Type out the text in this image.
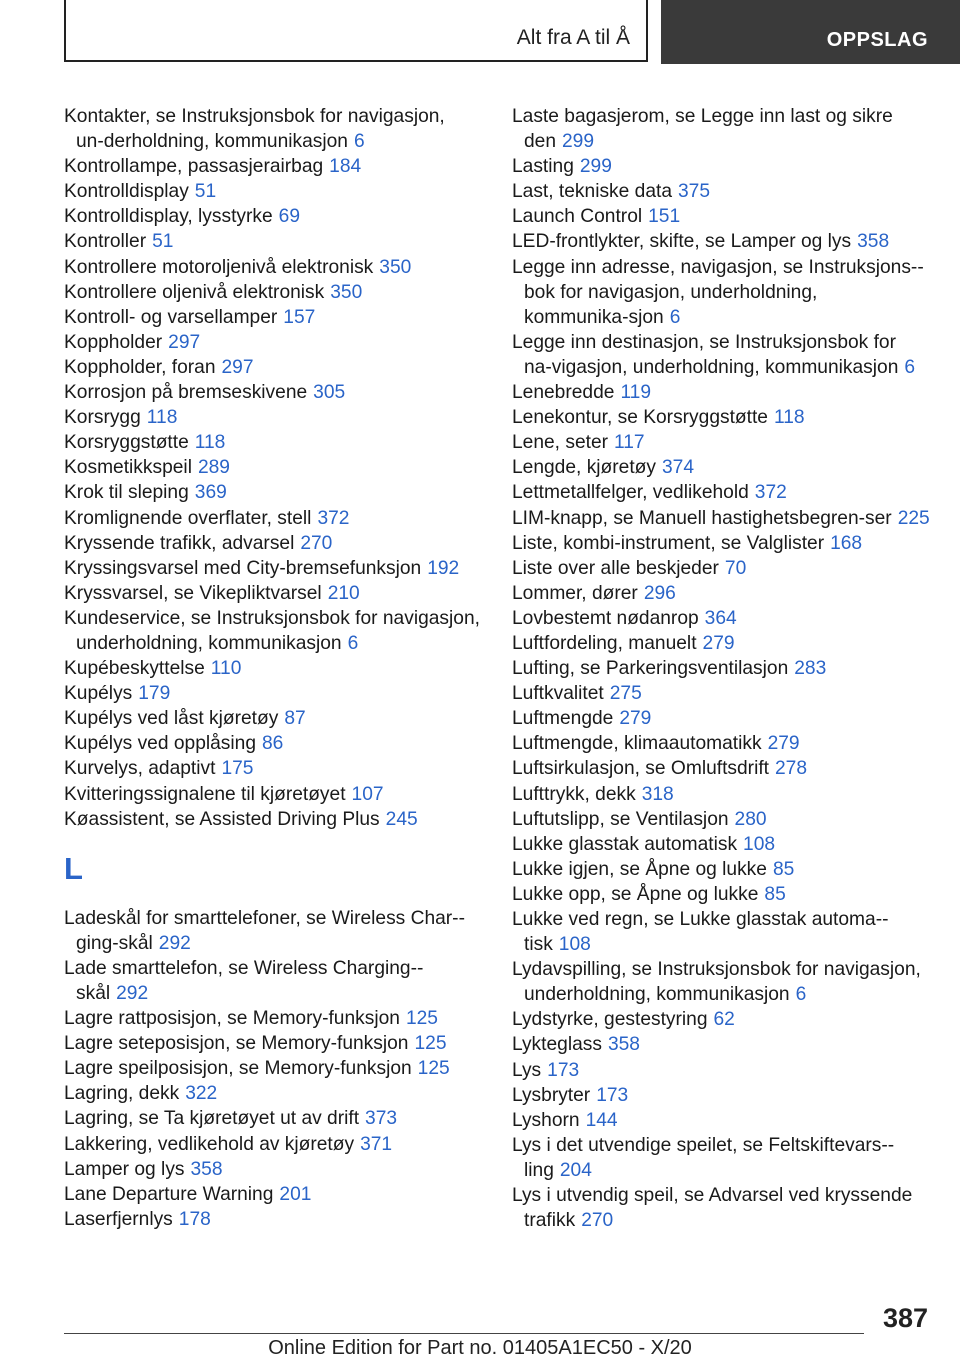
Alt fra A til Å	OPPSLAG
Kontakter, se Instruksjonsbok for navigasjon, un-derholdning, kommunikasjon 6
Kontrollampe, passasjerairbag 184
Kontrolldisplay 51
Kontrolldisplay, lysstyrke 69
Kontroller 51
Kontrollere motoroljenivå elektronisk 350
Kontrollere oljenivå elektronisk 350
Kontroll- og varsellamper 157
Koppholder 297
Koppholder, foran 297
Korrosjon på bremseskivene 305
Korsrygg 118
Korsryggstøtte 118
Kosmetikkspeil 289
Krok til sleping 369
Kromlignende overflater, stell 372
Kryssende trafikk, advarsel 270
Kryssingsvarsel med City-bremsefunksjon 192
Kryssvarsel, se Vikepliktvarsel 210
Kundeservice, se Instruksjonsbok for navigasjon, underholdning, kommunikasjon 6
Kupébeskyttelse 110
Kupélys 179
Kupélys ved låst kjøretøy 87
Kupélys ved opplåsing 86
Kurvelys, adaptivt 175
Kvitteringssignalene til kjøretøyet 107
Køassistent, se Assisted Driving Plus 245
L
Ladeskål for smarttelefoner, se Wireless Char-ging-skål 292
Lade smarttelefon, se Wireless Charging-skål 292
Lagre rattposisjon, se Memory-funksjon 125
Lagre seteposisjon, se Memory-funksjon 125
Lagre speilposisjon, se Memory-funksjon 125
Lagring, dekk 322
Lagring, se Ta kjøretøyet ut av drift 373
Lakkering, vedlikehold av kjøretøy 371
Lamper og lys 358
Lane Departure Warning 201
Laserfjernlys 178
Laste bagasjerom, se Legge inn last og sikre den 299
Lasting 299
Last, tekniske data 375
Launch Control 151
LED-frontlykter, skifte, se Lamper og lys 358
Legge inn adresse, navigasjon, se Instruksjons-bok for navigasjon, underholdning, kommunika-sjon 6
Legge inn destinasjon, se Instruksjonsbok for na-vigasjon, underholdning, kommunikasjon 6
Lenebredde 119
Lenekontur, se Korsryggstøtte 118
Lene, seter 117
Lengde, kjøretøy 374
Lettmetallfelger, vedlikehold 372
LIM-knapp, se Manuell hastighetsbegren-ser 225
Liste, kombi-instrument, se Valglister 168
Liste over alle beskjeder 70
Lommer, dører 296
Lovbestemt nødanrop 364
Luftfordeling, manuelt 279
Lufting, se Parkeringsventilasjon 283
Luftkvalitet 275
Luftmengde 279
Luftmengde, klimaautomatikk 279
Luftsirkulasjon, se Omluftsdrift 278
Lufttrykk, dekk 318
Luftutslipp, se Ventilasjon 280
Lukke glasstak automatisk 108
Lukke igjen, se Åpne og lukke 85
Lukke opp, se Åpne og lukke 85
Lukke ved regn, se Lukke glasstak automa-tisk 108
Lydavspilling, se Instruksjonsbok for navigasjon, underholdning, kommunikasjon 6
Lydstyrke, gestestyring 62
Lykteglass 358
Lys 173
Lysbryter 173
Lyshorn 144
Lys i det utvendige speilet, se Feltskiftevars-ling 204
Lys i utvendig speil, se Advarsel ved kryssende trafikk 270
387
Online Edition for Part no. 01405A1EC50 - X/20
